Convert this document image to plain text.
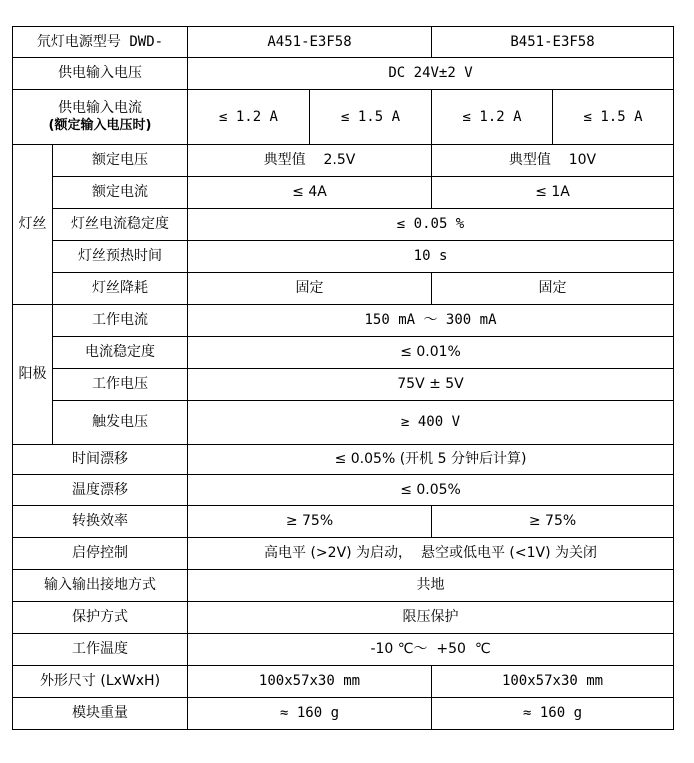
氘灯电源型号 DWD-		A451-E3F58		B451-E3F58	
供电输入电压		DC 24V±2 V			

供电输入电流
(额定输入电压时)		≤ 1.2 A	≤ 1.5 A	≤ 1.2 A	≤ 1.5 A
灯丝	额定电压	典型值    2.5V		典型值    10V	
	额定电流	≤ 4A		≤ 1A	
	灯丝电流稳定度	≤ 0.05 %			
	灯丝预热时间	10 s			
	灯丝降耗	固定		固定	
阳极	工作电流	150 mA ～ 300 mA			
	电流稳定度	≤ 0.01%			
	工作电压	75V ± 5V			
	触发电压	≥ 400 V			
时间漂移		≤ 0.05% (开机 5 分钟后计算)			
温度漂移		≤ 0.05%			
转换效率		≥ 75%		≥ 75%	
启停控制		高电平 (>2V) 为启动，  悬空或低电平 (<1V) 为关闭			
输入输出接地方式		共地			
保护方式		限压保护			
工作温度		-10 ℃～  +50  ℃			
外形尺寸 (LxWxH)		100x57x30 mm		100x57x30 mm	
模块重量		≈ 160 g		≈ 160 g	
